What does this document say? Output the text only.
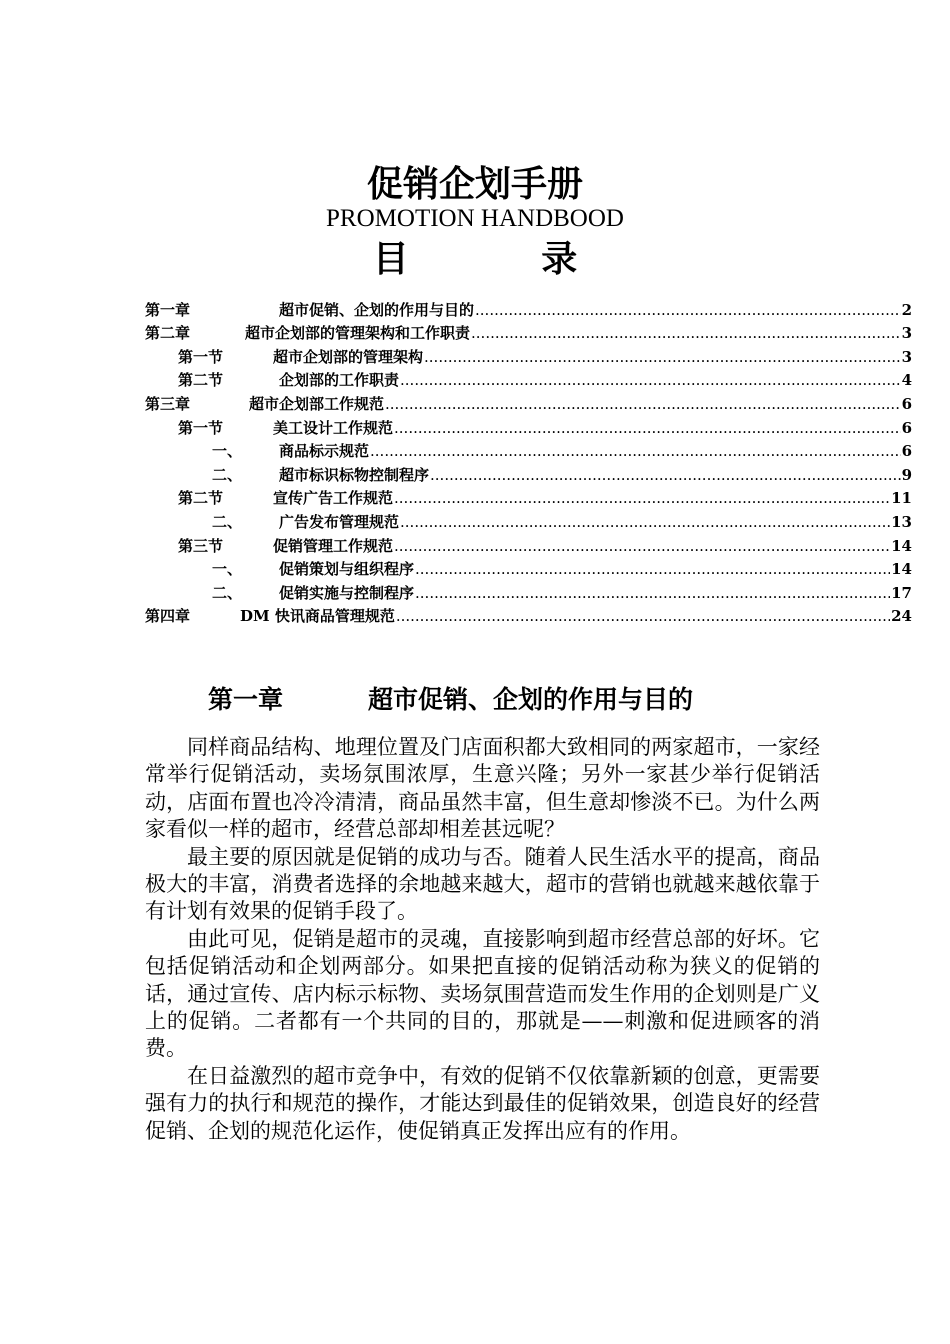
促销企划手册
PROMOTION HANDBOOD
目 录
第一章	超市促销、企划的作用与目的 .....	2
第二章	超市企划部的管理架构和工作职责 .....	3
第一节	超市企划部的管理架构 .....	3
第二节	企划部的工作职责 .....	4
第三章	超市企划部工作规范 .....	6
第一节	美工设计工作规范 .....	6
一、	商品标示规范 .....	6
二、	超市标识标物控制程序 .....	9
第二节	宣传广告工作规范 .....	11
二、	广告发布管理规范 .....	13
第三节	促销管理工作规范 .....	14
一、	促销策划与组织程序 .....	14
二、	促销实施与控制程序 .....	17
第四章	DM 快讯商品管理规范 .....	24
第一章	超市促销、企划的作用与目的

同样商品结构、地理位置及门店面积都大致相同的两家超市，一家经常举行促销活动，卖场氛围浓厚，生意兴隆；另外一家甚少举行促销活动，店面布置也冷冷清清，商品虽然丰富，但生意却惨淡不已。为什么两家看似一样的超市，经营总部却相差甚远呢？

最主要的原因就是促销的成功与否。随着人民生活水平的提高，商品极大的丰富，消费者选择的余地越来越大，超市的营销也就越来越依靠于有计划有效果的促销手段了。

由此可见，促销是超市的灵魂，直接影响到超市经营总部的好坏。它包括促销活动和企划两部分。如果把直接的促销活动称为狭义的促销的话，通过宣传、店内标示标物、卖场氛围营造而发生作用的企划则是广义上的促销。二者都有一个共同的目的，那就是——刺激和促进顾客的消费。

在日益激烈的超市竞争中，有效的促销不仅依靠新颖的创意，更需要强有力的执行和规范的操作，才能达到最佳的促销效果，创造良好的经营促销、企划的规范化运作，使促销真正发挥出应有的作用。
